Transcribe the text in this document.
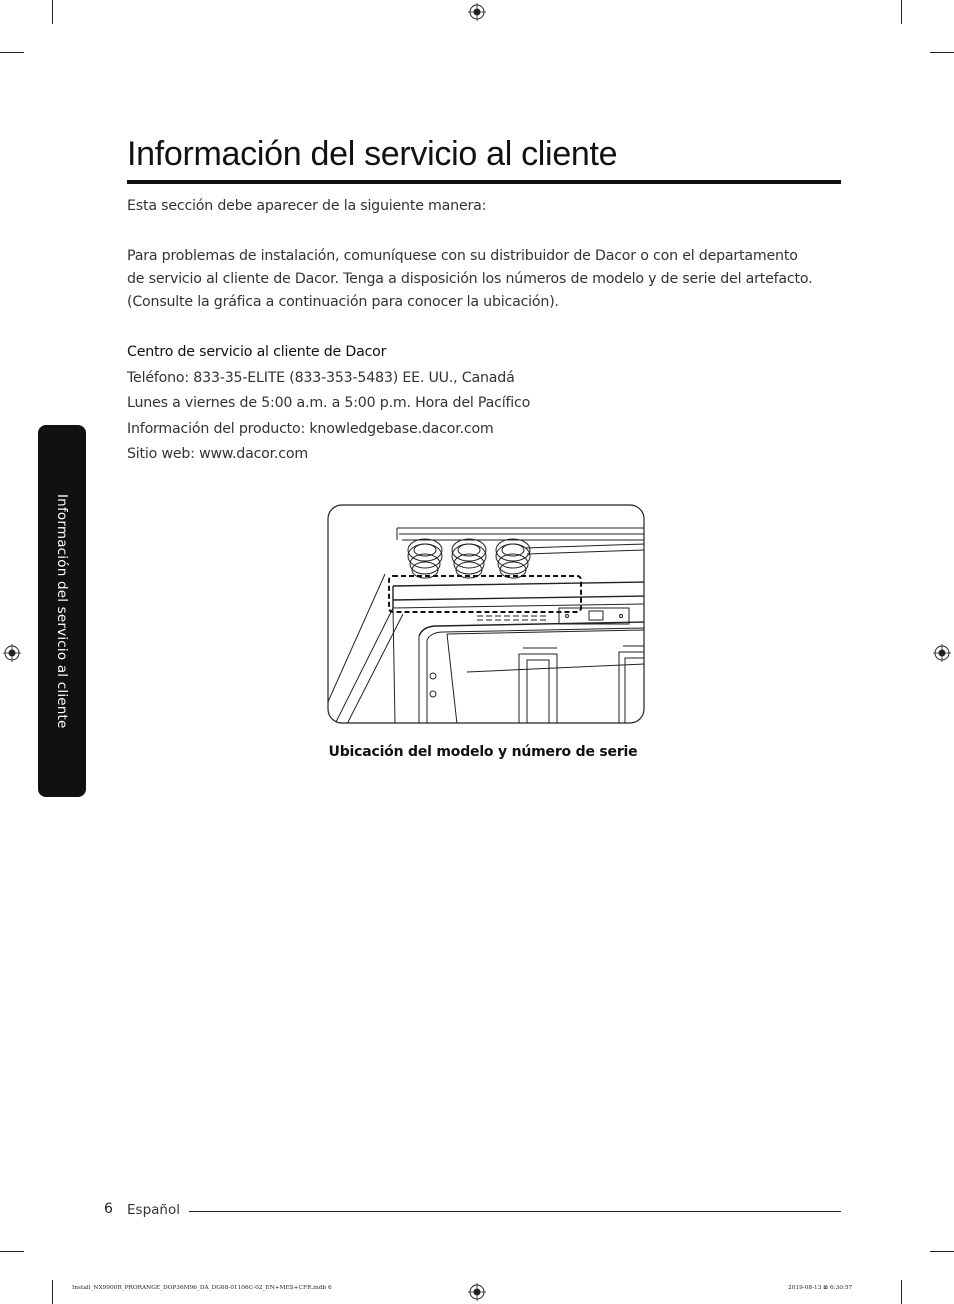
Información del servicio al cliente

Esta sección debe aparecer de la siguiente manera:

Para problemas de instalación, comuníquese con su distribuidor de Dacor o con el departamento

de servicio al cliente de Dacor. Tenga a disposición los números de modelo y de serie del artefacto.

(Consulte la gráfica a continuación para conocer la ubicación).

Centro de servicio al cliente de Dacor

Teléfono: 833-35-ELITE (833-353-5483) EE. UU., Canadá

Lunes a viernes de 5:00 a.m. a 5:00 p.m. Hora del Pacífico

Información del producto: knowledgebase.dacor.com

Sitio web: www.dacor.com

Información del servicio al cliente
Ubicación del modelo y número de serie
6 Español
Install_NX9900R_PRORANGE_DOP36M96_DA_DG68-01106C-02_EN+MES+CFR.indb 6	2019-08-13 ⊠ 6:30:57
